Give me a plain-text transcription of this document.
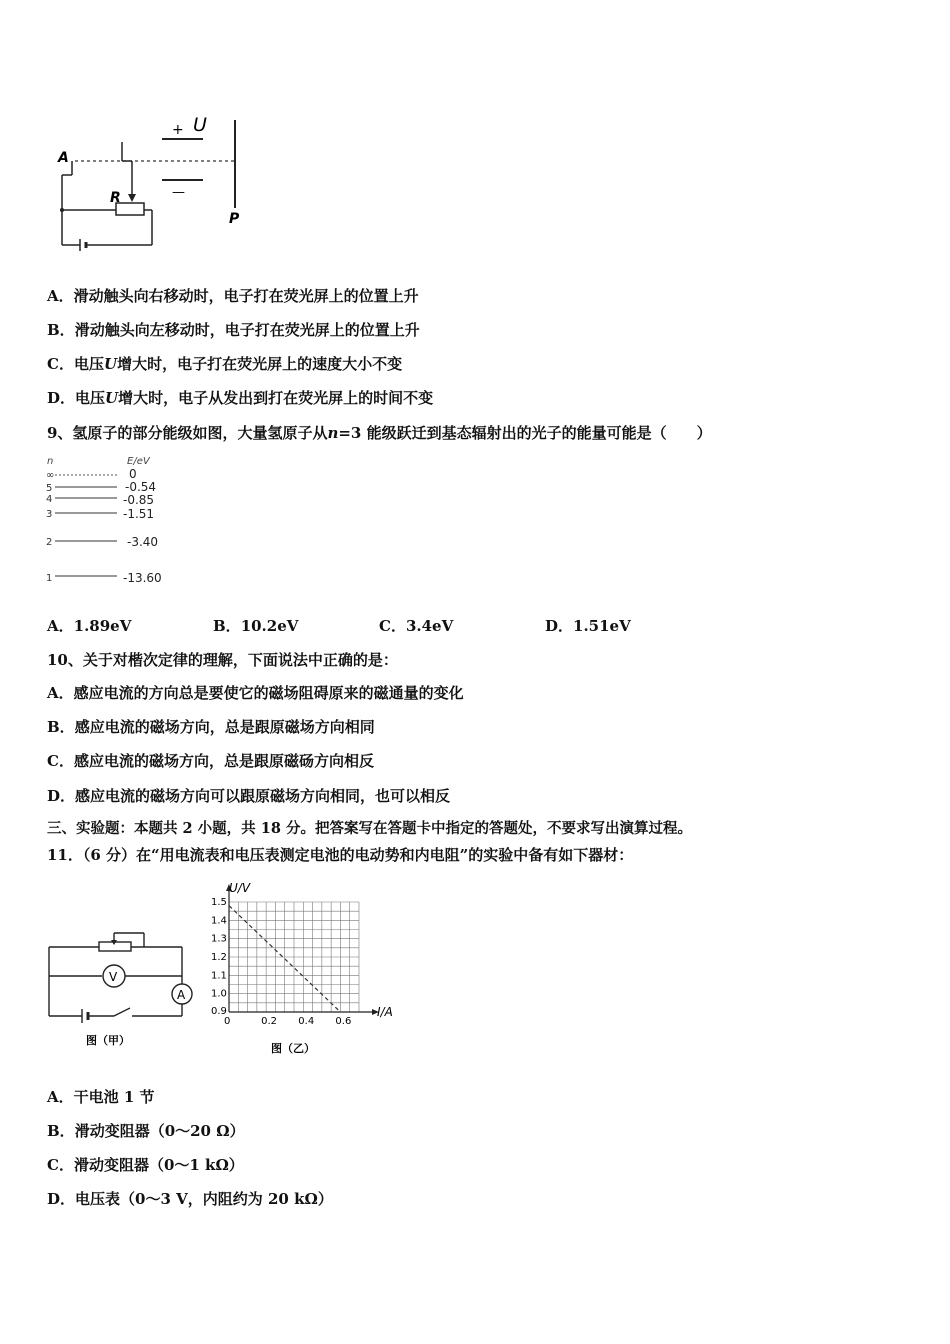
+ U
—
P
A
R
A．滑动触头向右移动时，电子打在荧光屏上的位置上升
B．滑动触头向左移动时，电子打在荧光屏上的位置上升
C．电压U增大时，电子打在荧光屏上的速度大小不变
D．电压U增大时，电子从发出到打在荧光屏上的时间不变
9、氢原子的部分能级如图，大量氢原子从n=3 能级跃迁到基态辐射出的光子的能量可能是（　　）
n	E/eV
∞	0
5	-0.54
4	-0.85
3	-1.51
2	-3.40
1	-13.60
A．1.89eV	B．10.2eV	C．3.4eV	D．1.51eV
10、关于对楷次定律的理解，下面说法中正确的是：
A．感应电流的方向总是要使它的磁场阻碍原来的磁通量的变化
B．感应电流的磁场方向，总是跟原磁场方向相同
C．感应电流的磁场方向，总是跟原磁砀方向相反
D．感应电流的磁场方向可以跟原磁场方向相同，也可以相反
三、实验题：本题共 2 小题，共 18 分。把答案写在答题卡中指定的答题处，不要求写出演算过程。
11．（6 分）在“用电流表和电压表测定电池的电动势和内电阻”的实验中备有如下器材：
V
A
图（甲）
0	0.2 0.4 0.6
0.9
1.0
1.1
1.2
1.3
1.4
1.5
U/V
I/A
图（乙）
A．干电池 1 节
B．滑动变阻器（0～20 Ω）
C．滑动变阻器（0～1 kΩ）
D．电压表（0～3 V，内阻约为 20 kΩ）
